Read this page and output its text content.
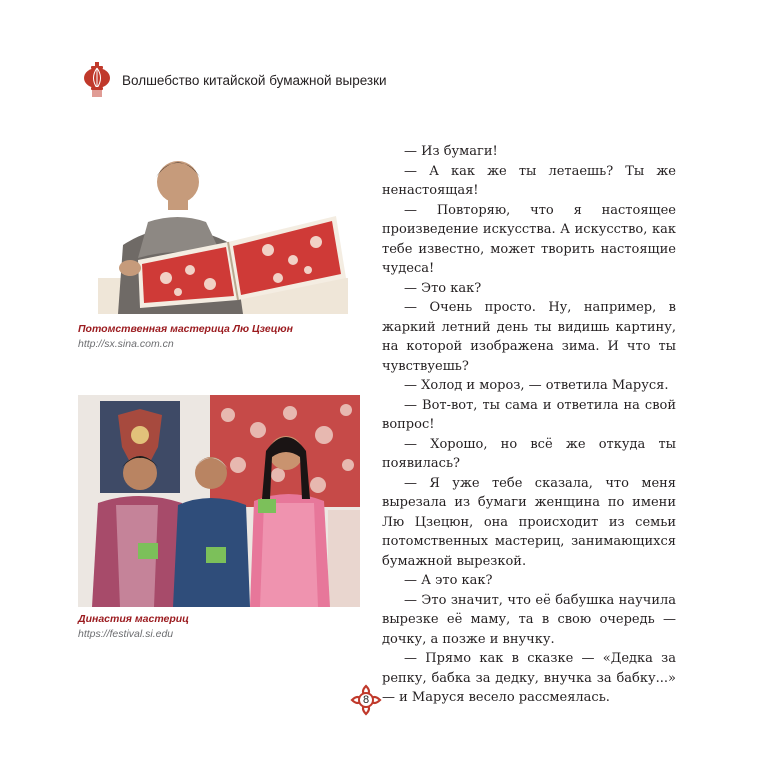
Волшебство китайской бумажной вырезки
Потомственная мастерица Лю Цзецюн
http://sx.sina.com.cn
Династия мастериц
https://festival.si.edu

— Из бумаги!

— А как же ты летаешь? Ты же ненастоящая!

— Повторяю, что я настоящее произведение искусства. А искусство, как тебе известно, может творить настоящие чудеса!

— Это как?

— Очень просто. Ну, например, в жаркий летний день ты видишь картину, на которой изображена зима. И что ты чувствуешь?

— Холод и мороз, — ответила Маруся.

— Вот-вот, ты сама и ответила на свой вопрос!

— Хорошо, но всё же откуда ты появилась?

— Я уже тебе сказала, что меня вырезала из бумаги женщина по имени Лю Цзецюн, она происходит из семьи потомственных мастериц, занимающихся бумажной вырезкой.

— А это как?

— Это значит, что её бабушка научила вырезке её маму, та в свою очередь — дочку, а позже и внучку.

— Прямо как в сказке — «Дедка за репку, бабка за дедку, внучка за бабку...» — и Маруся весело рассмеялась.

8
